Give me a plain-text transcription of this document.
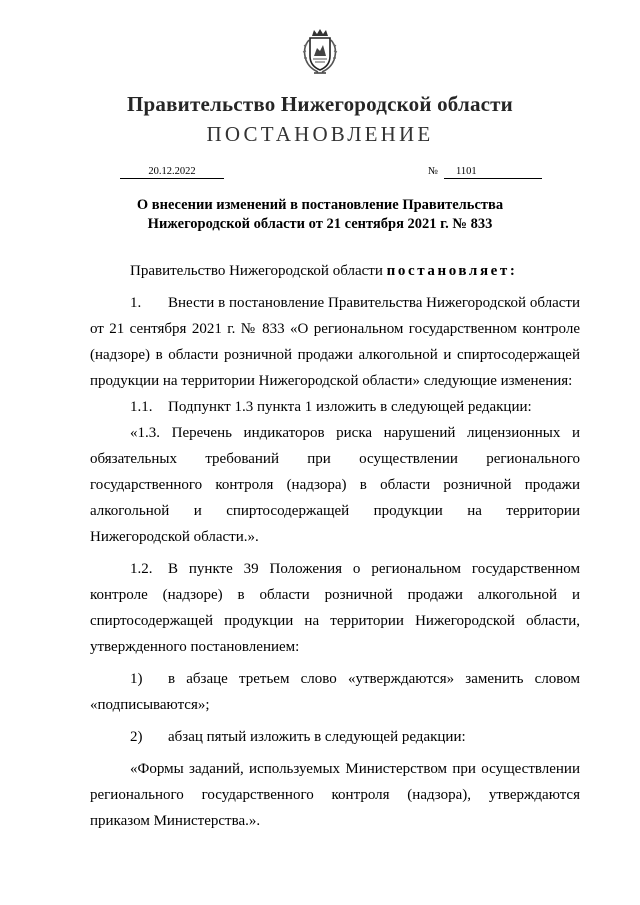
Правительство Нижегородской области
ПОСТАНОВЛЕНИЕ
20.12.2022	№	1101
О внесении изменений в постановление Правительства
Нижегородской области от 21 сентября 2021 г. № 833

Правительство Нижегородской области постановляет:

1. Внести в постановление Правительства Нижегородской области от 21 сентября 2021 г. № 833 «О региональном государственном контроле (надзоре) в области розничной продажи алкогольной и спиртосодержащей продукции на территории Нижегородской области» следующие изменения:

1.1. Подпункт 1.3 пункта 1 изложить в следующей редакции:

«1.3. Перечень индикаторов риска нарушений лицензионных и обязательных требований при осуществлении регионального государственного контроля (надзора) в области розничной продажи алкогольной и спиртосодержащей продукции на территории Нижегородской области.».

1.2. В пункте 39 Положения о региональном государственном контроле (надзоре) в области розничной продажи алкогольной и спиртосодержащей продукции на территории Нижегородской области, утвержденного постановлением:

1) в абзаце третьем слово «утверждаются» заменить словом «подписываются»;

2) абзац пятый изложить в следующей редакции:

«Формы заданий, используемых Министерством при осуществлении регионального государственного контроля (надзора), утверждаются приказом Министерства.».
